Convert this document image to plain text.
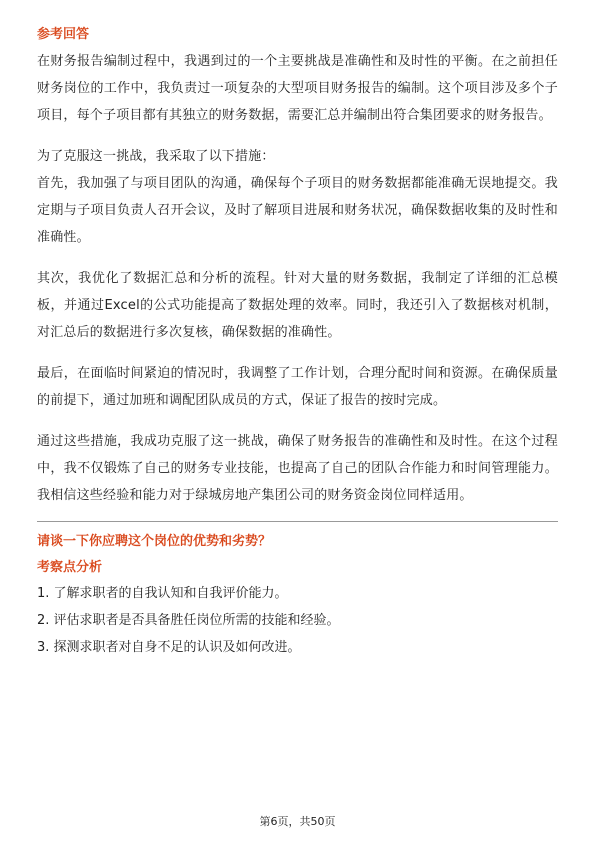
参考回答

在财务报告编制过程中，我遇到过的一个主要挑战是准确性和及时性的平衡。在之前担任财务岗位的工作中，我负责过一项复杂的大型项目财务报告的编制。这个项目涉及多个子项目，每个子项目都有其独立的财务数据，需要汇总并编制出符合集团要求的财务报告。

为了克服这一挑战，我采取了以下措施：
首先，我加强了与项目团队的沟通，确保每个子项目的财务数据都能准确无误地提交。我定期与子项目负责人召开会议，及时了解项目进展和财务状况，确保数据收集的及时性和准确性。

其次，我优化了数据汇总和分析的流程。针对大量的财务数据，我制定了详细的汇总模板，并通过Excel的公式功能提高了数据处理的效率。同时，我还引入了数据核对机制，对汇总后的数据进行多次复核，确保数据的准确性。

最后，在面临时间紧迫的情况时，我调整了工作计划，合理分配时间和资源。在确保质量的前提下，通过加班和调配团队成员的方式，保证了报告的按时完成。

通过这些措施，我成功克服了这一挑战，确保了财务报告的准确性和及时性。在这个过程中，我不仅锻炼了自己的财务专业技能，也提高了自己的团队合作能力和时间管理能力。我相信这些经验和能力对于绿城房地产集团公司的财务资金岗位同样适用。

请谈一下你应聘这个岗位的优势和劣势？
考察点分析
1. 了解求职者的自我认知和自我评价能力。
2. 评估求职者是否具备胜任岗位所需的技能和经验。
3. 探测求职者对自身不足的认识及如何改进。
第6页，共50页
